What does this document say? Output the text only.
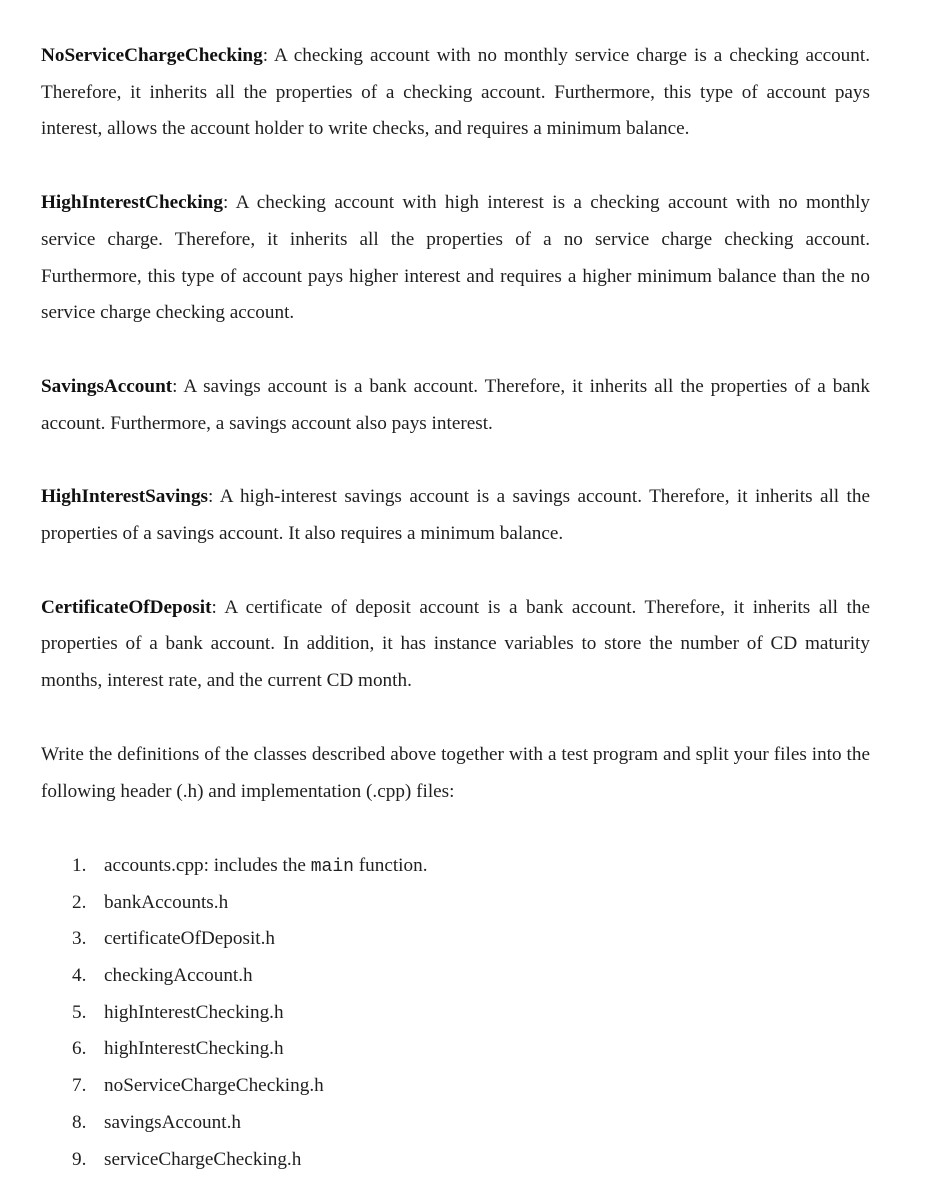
NoServiceChargeChecking: A checking account with no monthly service charge is a checking account. Therefore, it inherits all the properties of a checking account. Furthermore, this type of account pays interest, allows the account holder to write checks, and requires a minimum balance.

HighInterestChecking: A checking account with high interest is a checking account with no monthly service charge. Therefore, it inherits all the properties of a no service charge checking account. Furthermore, this type of account pays higher interest and requires a higher minimum balance than the no service charge checking account.

SavingsAccount: A savings account is a bank account. Therefore, it inherits all the properties of a bank account. Furthermore, a savings account also pays interest.

HighInterestSavings: A high-interest savings account is a savings account. Therefore, it inherits all the properties of a savings account. It also requires a minimum balance.

CertificateOfDeposit: A certificate of deposit account is a bank account. Therefore, it inherits all the properties of a bank account. In addition, it has instance variables to store the number of CD maturity months, interest rate, and the current CD month.

Write the definitions of the classes described above together with a test program and split your files into the following header (.h) and implementation (.cpp) files:

1. accounts.cpp: includes the main function.
2. bankAccounts.h
3. certificateOfDeposit.h
4. checkingAccount.h
5. highInterestChecking.h
6. highInterestChecking.h
7. noServiceChargeChecking.h
8. savingsAccount.h
9. serviceChargeChecking.h
